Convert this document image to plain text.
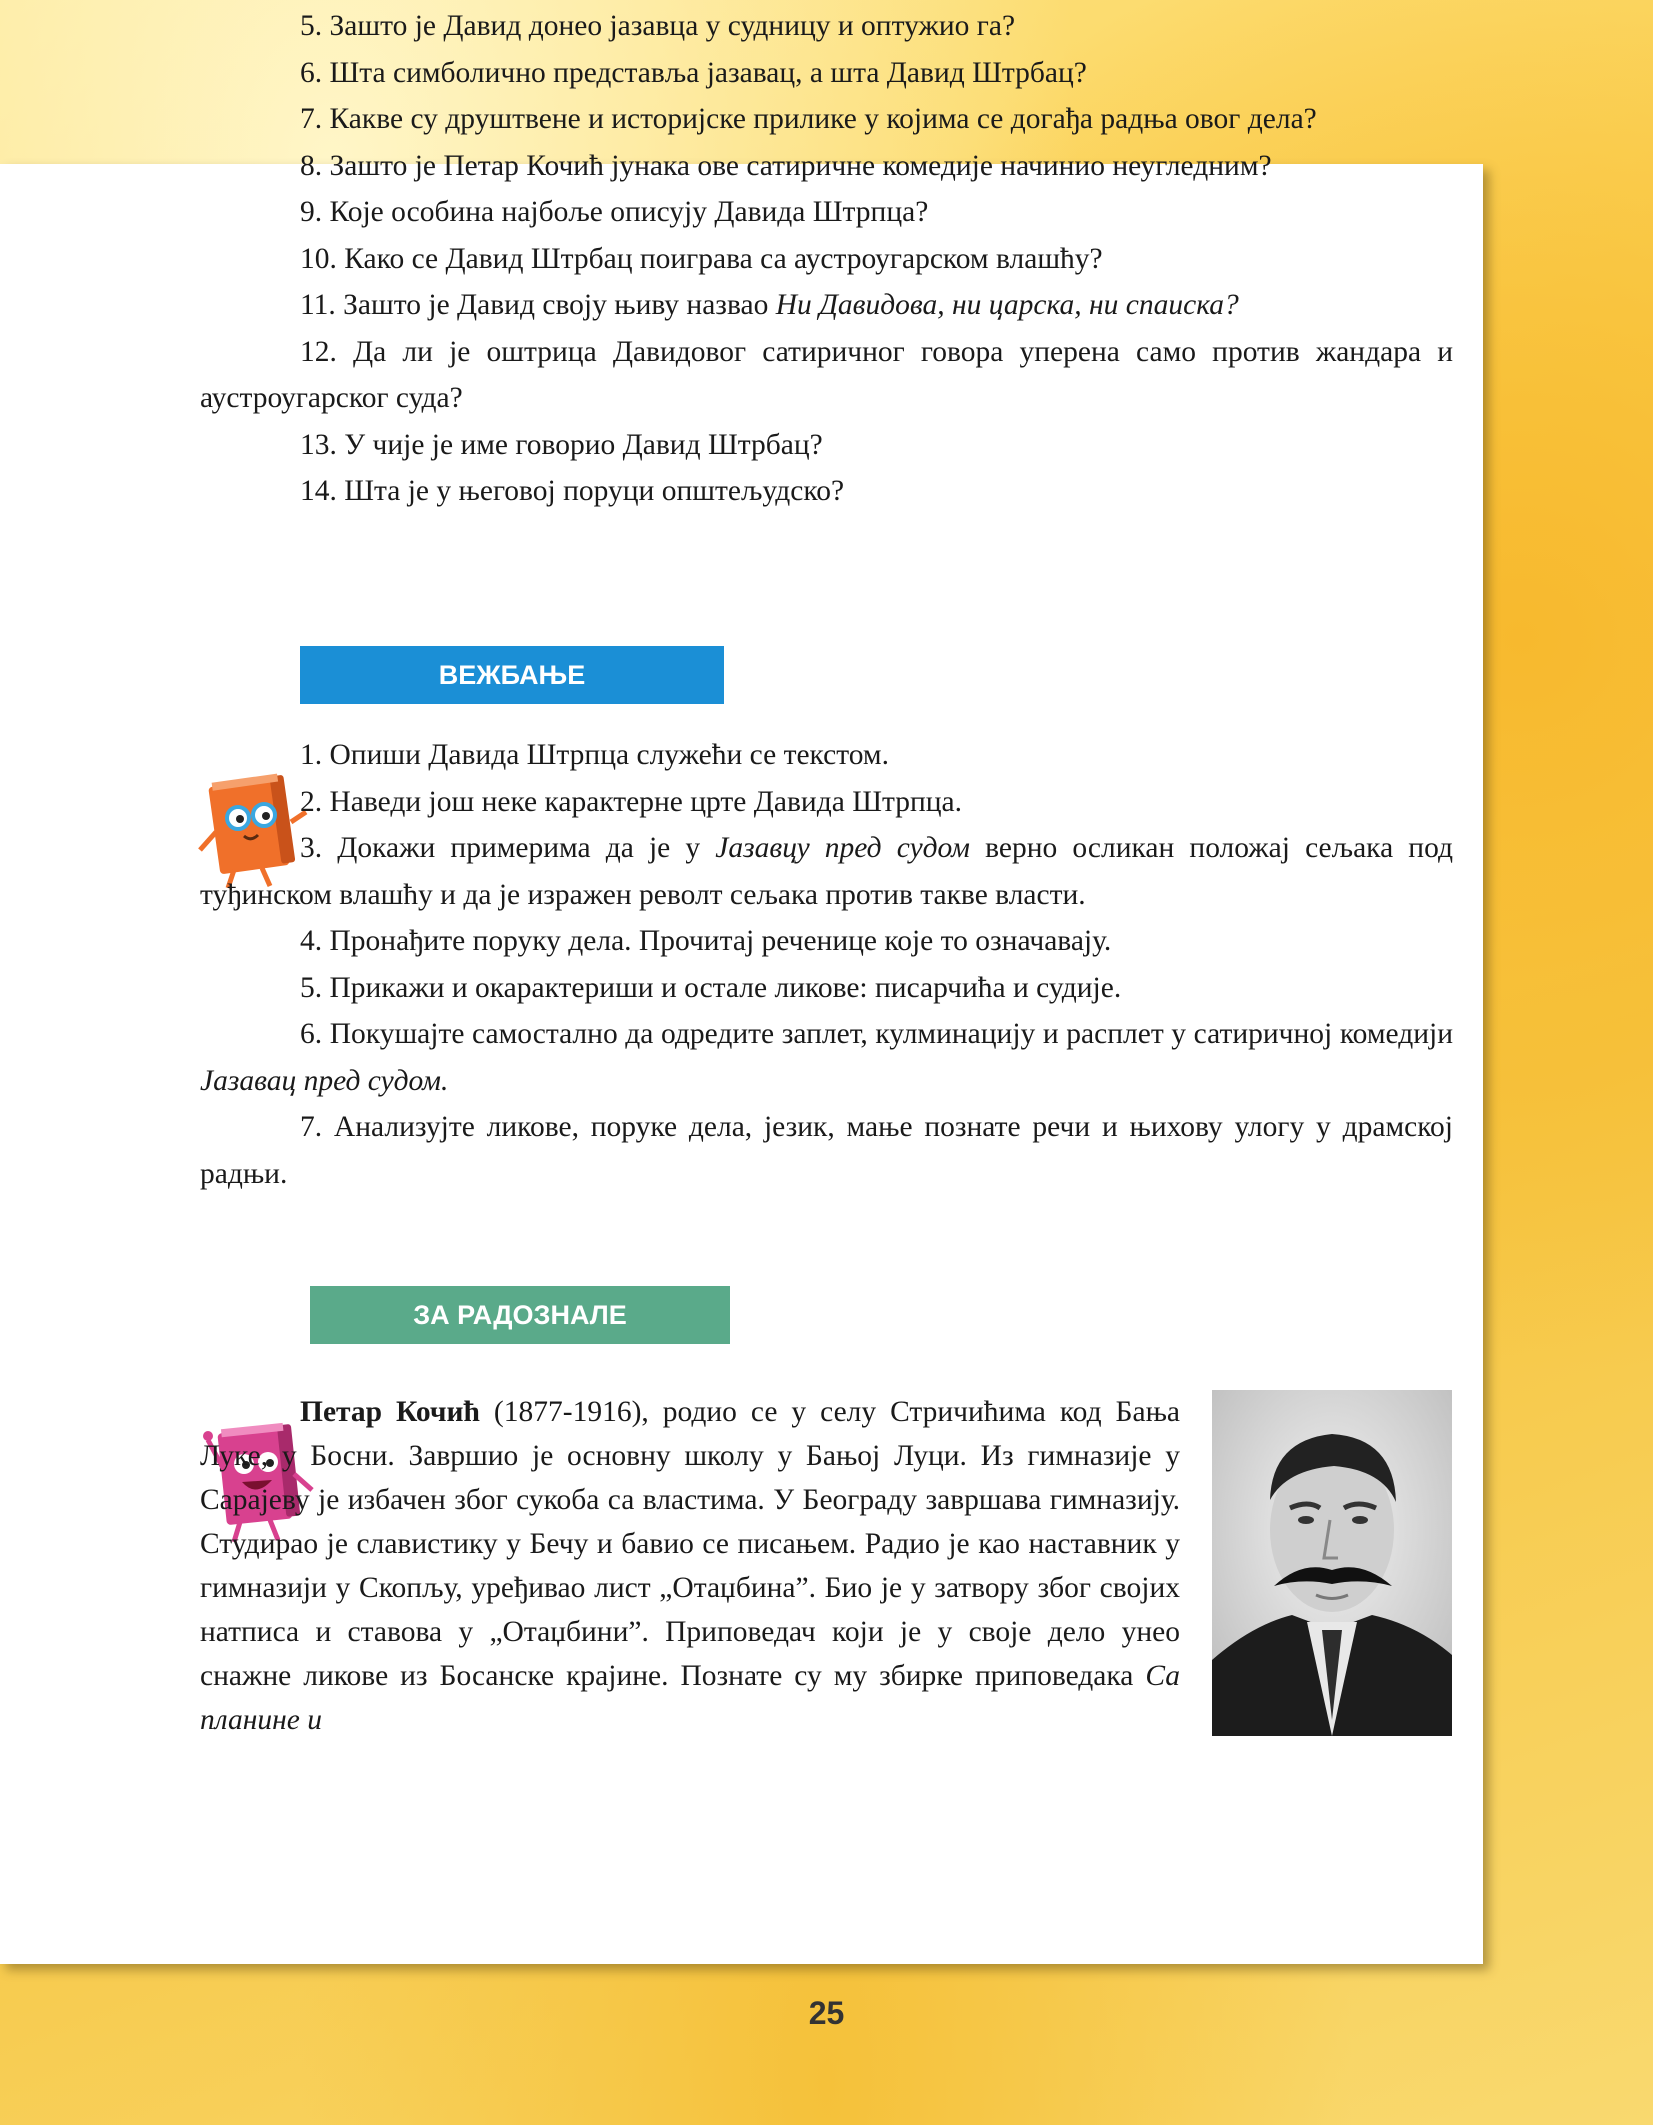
5. Зашто је Давид донео јазавца у судницу и оптужио га?

6. Шта симболично представља јазавац, а шта Давид Штрбац?

7. Какве су друштвене и историјске прилике у којима се догађа радња овог дела?

8. Зашто је Петар Кочић јунака ове сатиричне комедије начинио неугледним?

9. Које особина најбоље описују Давида Штрпца?

10. Како се Давид Штрбац поиграва са аустроугарском влашћу?

11. Зашто је Давид своју њиву назвао Ни Давидова, ни царска, ни спаиска?

12. Да ли је оштрица Давидовог сатиричног говора уперена само против жандара и аустроугарског суда?

13. У чије је име говорио Давид Штрбац?

14. Шта је у његовој поруци општељудско?

ВЕЖБАЊЕ

1. Опиши Давида Штрпца служећи се текстом.

2. Наведи још неке карактерне црте Давида Штрпца.

3. Докажи примерима да је у Јазавцу пред судом верно осликан положај сељака под туђинском влашћу и да је изражен револт сељака против такве власти.

4. Пронађите поруку дела. Прочитај реченице које то означавају.

5. Прикажи и окарактериши и остале ликове: писарчића и судије.

6. Покушајте самостално да одредите заплет, кулминацију и расплет у сатиричној комедији Јазавац пред судом.

7. Анализујте ликове, поруке дела, језик, мање познате речи и њихову улогу у драмској радњи.

ЗА РАДОЗНАЛЕ

Петар Кочић (1877-1916), родио се у селу Стричићима код Бања Луке, у Босни. Завршио је основну школу у Бањој Луци. Из гимназије у Сарајеву је избачен због сукоба са властима. У Београду завршава гимназију. Студирао је славистику у Бечу и бавио се писањем. Радио је као наставник у гимназији у Скопљу, уређивао лист „Отаџбина”. Био је у затвору због својих натписа и ставова у „Отаџбини”. Приповедач који је у своје дело унео снажне ликове из Босанске крајине. Познате су му збирке приповедака Са планине и

25
